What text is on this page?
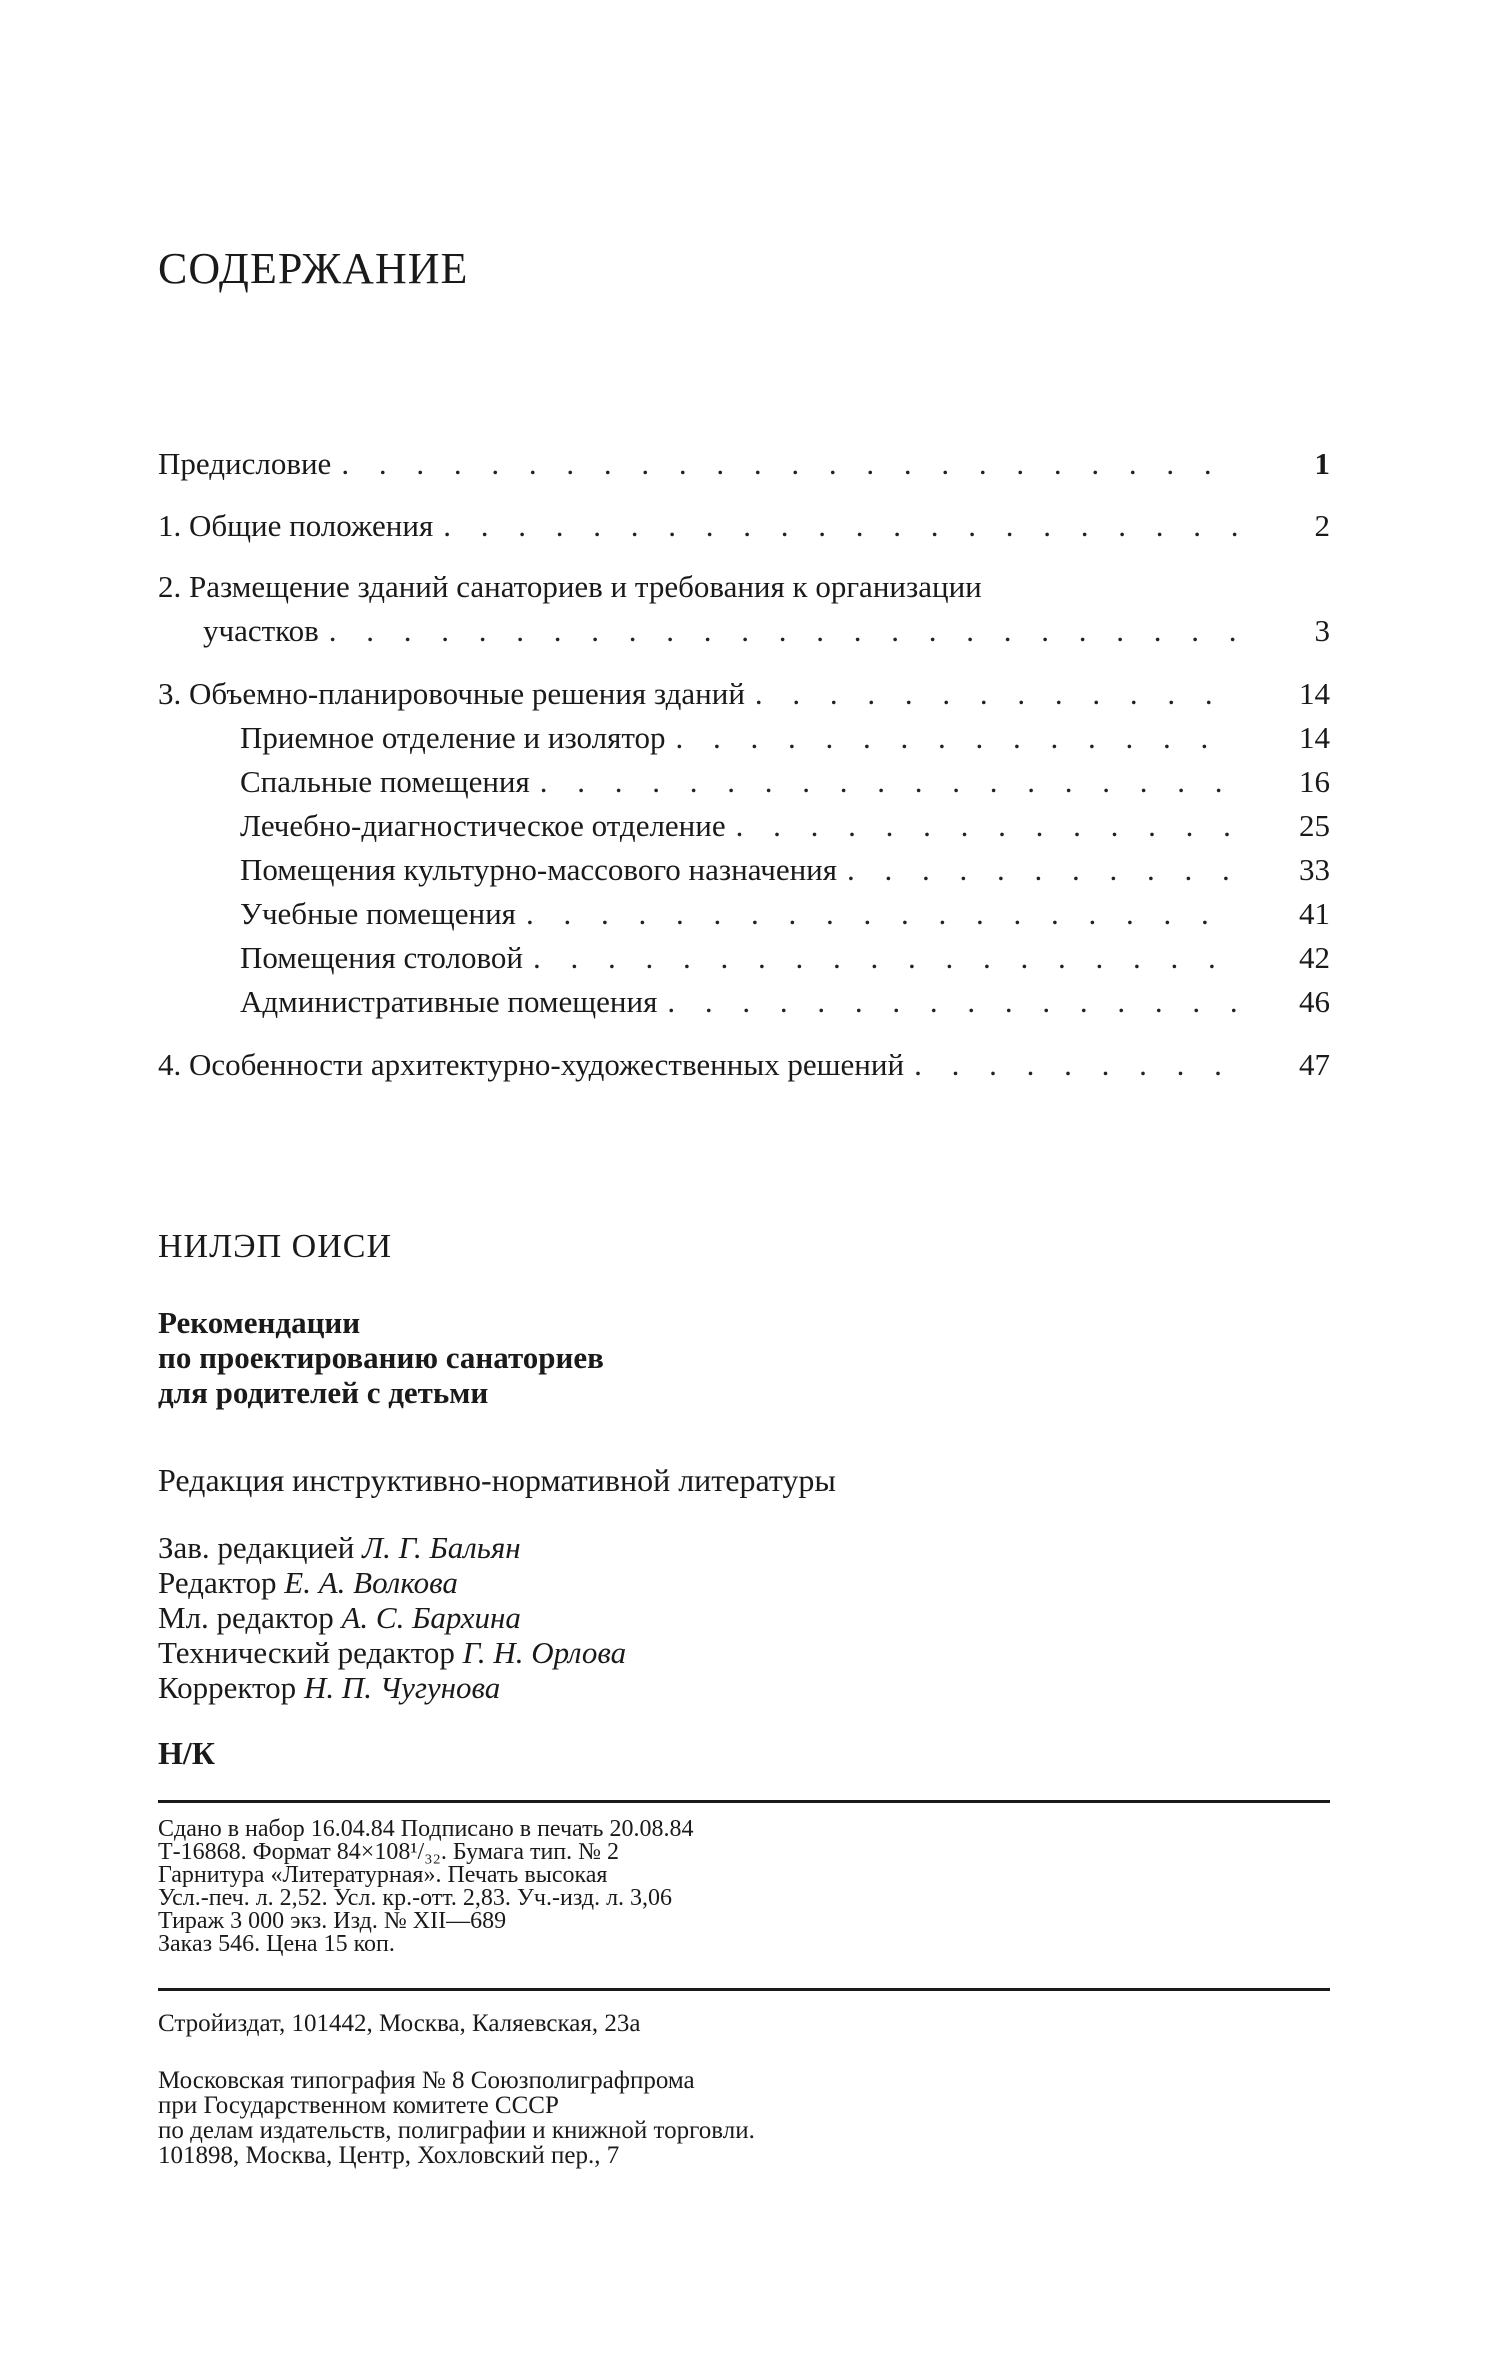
СОДЕРЖАНИЕ
Предисловие . . .	1
1. Общие положения . . .	2
2. Размещение зданий санаториев и требования к организации
участков . . .	3
3. Объемно-планировочные решения зданий . . .	14
Приемное отделение и изолятор . . .	14
Спальные помещения . . .	16
Лечебно-диагностическое отделение . . .	25
Помещения культурно-массового назначения . . .	33
Учебные помещения . . .	41
Помещения столовой . . .	42
Административные помещения . . .	46
4. Особенности архитектурно-художественных решений . . .	47
НИЛЭП ОИСИ
Рекомендации
по проектированию санаториев
для родителей с детьми
Редакция инструктивно-нормативной литературы
Зав. редакцией Л. Г. Бальян
Редактор Е. А. Волкова
Мл. редактор А. С. Бархина
Технический редактор Г. Н. Орлова
Корректор Н. П. Чугунова
Н/К
Сдано в набор 16.04.84 Подписано в печать 20.08.84
Т-16868. Формат 84×108¹/₃₂. Бумага тип. № 2
Гарнитура «Литературная». Печать высокая
Усл.-печ. л. 2,52. Усл. кр.-отт. 2,83. Уч.-изд. л. 3,06
Тираж 3 000 экз. Изд. № XII—689
Заказ 546. Цена 15 коп.
Стройиздат, 101442, Москва, Каляевская, 23а
Московская типография № 8 Союзполиграфпрома
при Государственном комитете СССР
по делам издательств, полиграфии и книжной торговли.
101898, Москва, Центр, Хохловский пер., 7
